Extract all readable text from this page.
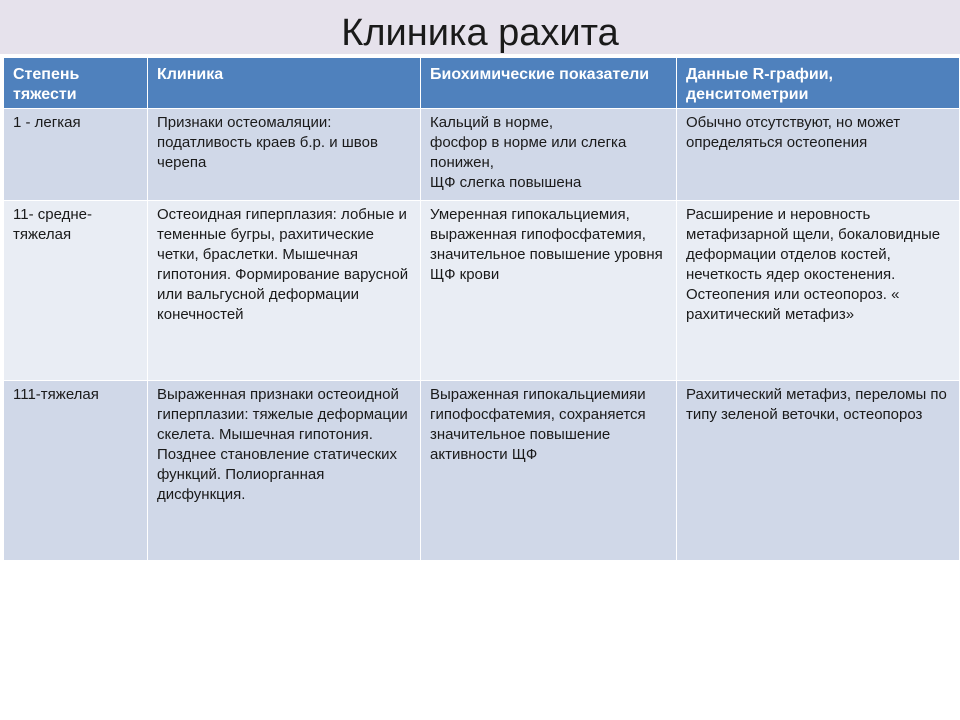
Клиника рахита
Степень тяжести	Клиника	Биохимические показатели	Данные R-графии, денситометрии

1 - легкая	Признаки остеомаляции: податливость краев б.р. и швов черепа	Кальций в норме,
фосфор в норме или слегка понижен,
ЩФ слегка повышена	Обычно отсутствуют, но может определяться остеопения

11- средне-тяжелая	Остеоидная гиперплазия: лобные и теменные бугры, рахитические четки, браслетки. Мышечная гипотония. Формирование варусной или вальгусной деформации конечностей	Умеренная гипокальциемия, выраженная гипофосфатемия, значительное повышение уровня ЩФ крови	Расширение и неровность метафизарной щели, бокаловидные деформации отделов костей, нечеткость ядер окостенения. Остеопения или остеопороз. « рахитический метафиз»

111-тяжелая	Выраженная признаки остеоидной гиперплазии: тяжелые деформации скелета. Мышечная гипотония. Позднее становление статических функций. Полиорганная дисфункция.	Выраженная гипокальциемияи гипофосфатемия, сохраняется значительное повышение активности ЩФ	Рахитический метафиз, переломы по типу зеленой веточки, остеопороз
